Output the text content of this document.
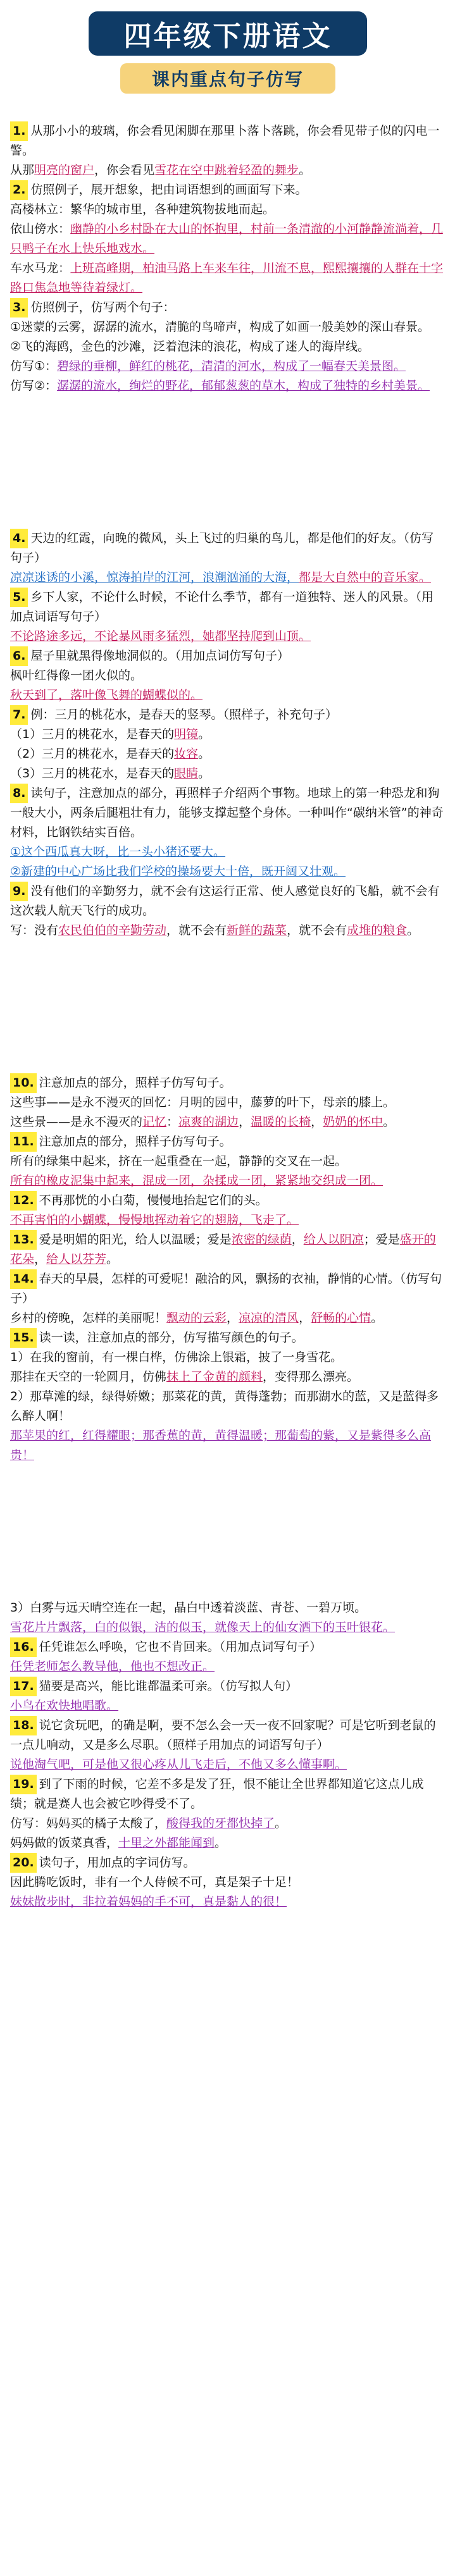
四年级下册语文
课内重点句子仿写

1. 从那小小的玻璃，你会看见闲脚在那里卜落卜落跳，你会看见带子似的闪电一警。

从那明亮的窗户，你会看见雪花在空中跳着轻盈的舞步。

2. 仿照例子，展开想象，把由词语想到的画面写下来。

高楼林立：繁华的城市里，各种建筑物拔地而起。

依山傍水：幽静的小乡村卧在大山的怀抱里，村前一条清澈的小河静静流淌着，几只鸭子在水上快乐地戏水。

车水马龙：上班高峰期，柏油马路上车来车往，川流不息，熙熙攘攘的人群在十字路口焦急地等待着绿灯。

3. 仿照例子，仿写两个句子：

①迷蒙的云雾，潺潺的流水，清脆的鸟啼声，构成了如画一般美妙的深山春景。

②飞的海鸥，金色的沙滩，泛着泡沫的浪花，构成了迷人的海岸线。

仿写①：碧绿的垂柳，鲜红的桃花，清清的河水，构成了一幅春天美景图。

仿写②：潺潺的流水，绚烂的野花，郁郁葱葱的草木，构成了独特的乡村美景。

4. 天边的红霞，向晚的微风，头上飞过的归巢的鸟儿，都是他们的好友。（仿写句子）

凉凉迷诱的小溪，惊涛拍岸的江河，浪潮汹涌的大海，都是大自然中的音乐家。

5. 乡下人家，不论什么时候，不论什么季节，都有一道独特、迷人的风景。（用加点词语写句子）

不论路途多远，不论暴风雨多猛烈，她都坚持爬到山顶。

6. 屋子里就黑得像地洞似的。（用加点词仿写句子）

枫叶红得像一团火似的。

秋天到了，落叶像飞舞的蝴蝶似的。

7. 例：三月的桃花水，是春天的竖琴。（照样子，补充句子）

（1）三月的桃花水，是春天的明镜。

（2）三月的桃花水，是春天的妆容。

（3）三月的桃花水，是春天的眼睛。

8. 读句子，注意加点的部分，再照样子介绍两个事物。地球上的第一种恐龙和狗一般大小，两条后腿粗壮有力，能够支撑起整个身体。一种叫作“碳纳米管”的神奇材料，比钢铁结实百倍。

①这个西瓜真大呀，比一头小猪还要大。

②新建的中心广场比我们学校的操场要大十倍，既开阔又壮观。

9. 没有他们的辛勤努力，就不会有这运行正常、使人感觉良好的飞船，就不会有这次载人航天飞行的成功。

写：没有农民伯伯的辛勤劳动，就不会有新鲜的蔬菜，就不会有成堆的粮食。

10. 注意加点的部分，照样子仿写句子。

这些事——是永不漫灭的回忆：月明的园中，藤萝的叶下，母亲的膝上。

这些景——是永不漫灭的记忆：凉爽的湖边，温暖的长椅，奶奶的怀中。

11. 注意加点的部分，照样子仿写句子。

所有的绿集中起来，挤在一起重叠在一起，静静的交叉在一起。

所有的橡皮泥集中起来，混成一团，杂揉成一团，紧紧地交织成一团。

12. 不再那恍的小白菊，慢慢地抬起它们的头。

不再害怕的小蝴蝶，慢慢地挥动着它的翅膀，飞走了。

13. 爱是明媚的阳光，给人以温暖；爱是浓密的绿荫，给人以阴凉；爱是盛开的花朵，给人以芬芳。

14. 春天的早晨，怎样的可爱呢！融洽的风，飘扬的衣袖，静悄的心情。（仿写句子）

乡村的傍晚，怎样的美丽呢！飘动的云彩，凉凉的清风，舒畅的心情。

15. 读一读，注意加点的部分，仿写描写颜色的句子。

1）在我的窗前，有一棵白桦，仿佛涂上银霜，披了一身雪花。

那挂在天空的一轮圆月，仿佛抹上了金黄的颜料，变得那么漂亮。

2）那草滩的绿，绿得娇嫩；那菜花的黄，黄得蓬勃；而那湖水的蓝，又是蓝得多么醉人啊！

那苹果的红，红得耀眼；那香蕉的黄，黄得温暖；那葡萄的紫，又是紫得多么高贵！

3）白雾与远天晴空连在一起，晶白中透着淡蓝、青苍、一碧万顷。

雪花片片飘落，白的似银，洁的似玉，就像天上的仙女洒下的玉叶银花。

16. 任凭谁怎么呼唤，它也不肯回来。（用加点词写句子）

任凭老师怎么教导他，他也不想改正。

17. 猫要是高兴，能比谁都温柔可亲。（仿写拟人句）

小鸟在欢快地唱歌。

18. 说它贪玩吧，的确是啊，要不怎么会一天一夜不回家呢？可是它听到老鼠的一点儿响动，又是多么尽职。（照样子用加点的词语写句子）

说他淘气吧，可是他又很心疼从儿飞走后，不他又多么懂事啊。

19. 到了下雨的时候，它差不多是发了狂，恨不能让全世界都知道它这点儿成绩；就是赛人也会被它吵得受不了。

仿写：妈妈买的橘子太酸了，酸得我的牙都快掉了。

妈妈做的饭菜真香，十里之外都能闻到。

20. 读句子，用加点的字词仿写。

因此腾吃饭时，非有一个人侍候不可，真是架子十足！

妹妹散步时，非拉着妈妈的手不可，真是黏人的很！
